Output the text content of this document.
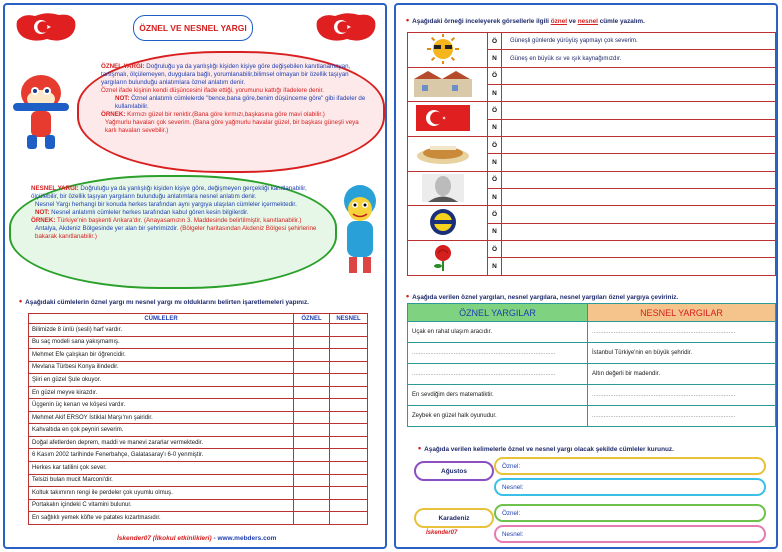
ÖZNEL VE NESNEL YARGI

ÖZNEL YARGI: Doğruluğu ya da yanlışlığı kişiden kişiye göre değişebilen kanıtlanamayan, tartışmalı, ölçülemeyen, duygulara bağlı, yorumlanabilir,bilimsel olmayan bir özellik taşıyan yargıların bulunduğu anlatımlara öznel anlatım denir.

Öznel ifade kişinin kendi düşüncesini ifade ettiği, yorumunu kattığı ifadelere denir.

NOT: Öznel anlatımlı cümlelerde "bence,bana göre,benim düşünceme göre" gibi ifadeler de kullanılabilir.

ÖRNEK: Kırmızı güzel bir renktir.(Bana göre kırmızı,başkasına göre mavi olabilir.)

Yağmurlu havaları çok severim. (Bana göre yağmurlu havalar güzel, bir başkası güneşli veya karlı havaları sevebilir.)

NESNEL YARGI: Doğruluğu ya da yanlışlığı kişiden kişiye göre, değişmeyen gerçekliği kanıtlanabilir, ölçülebilir, bir özellik taşıyan yargıların bulunduğu anlatımlara nesnel anlatım denir.

Nesnel Yargı herhangi bir konuda herkes tarafından aynı yargıya ulaşılan cümleler içermektedir.

NOT: Nesnel anlatımlı cümleler herkes tarafından kabul gören kesin bilgilerdir.

ÖRNEK: Türkiye'nin başkenti Ankara'dır. (Anayasamızın 3. Maddesinde belirtilmiştir, kanıtlanabilir.)

Antalya, Akdeniz Bölgesinde yer alan bir şehrimizdir. (Bölgeler haritasından Akdeniz Bölgesi şehirlerine bakarak kanıtlanabilir.)

• Aşağıdaki cümlelerin öznel yargı mı nesnel yargı mı olduklarını belirten işaretlemeleri yapınız.
CÜMLELER	ÖZNEL	NESNEL
Bilimizde 8 ünlü (sesli) harf vardır.		
Bu saç modeli sana yakışmamış.		
Mehmet Efe çalışkan bir öğrencidir.		
Mevlana Türbesi Konya ilindedir.		
Şiiri en güzel Şule okuyor.		
En güzel meyve kirazdır.		
Üçgenin üç kenarı ve köşesi vardır.		
Mehmet Akif ERSOY İstiklal Marşı'nın şairidir.		
Kahvaltıda en çok peyniri severim.		
Doğal afetlerden deprem, maddi ve manevi zararlar vermektedir.		
6 Kasım 2002 tarihinde Fenerbahçe, Galatasaray'ı 6-0 yenmiştir.		
Herkes kar tatilini çok sever.		
Telsizi bulan mucit Marconi'dir.		
Koltuk takımının rengi ile perdeler çok uyumlu olmuş.		
Portakalın içindeki C vitamini bulunur.		
En sağlıklı yemek köfte ve patates kızartmasıdır.		
İskender07 (İlkokul etkinlikleri) - www.mebders.com
• Aşağıdaki örneği inceleyerek görsellerle ilgili öznel ve nesnel cümle yazalım.
	Ö	Güneşli günlerde yürüyüş yapmayı çok severim.
	N	Güneş en büyük ısı ve ışık kaynağımızdır.
	Ö	
	N	
	Ö	
	N	
	Ö	
	N	
	Ö	
	N	
	Ö	
	N	
	Ö	
	N	
• Aşağıda verilen öznel yargıları, nesnel yargılara, nesnel yargıları öznel yargıya çeviriniz.
ÖZNEL YARGILAR	NESNEL YARGILAR
Uçak en rahat ulaşım aracıdır.	......................................................................................
......................................................................................	İstanbul Türkiye'nin en büyük şehridir.
......................................................................................	Altın değerli bir madendir.
En sevdiğim ders matematiktir.	......................................................................................
Zeybek en güzel halk oyunudur.	......................................................................................
• Aşağıda verilen kelimelerle öznel ve nesnel yargı olacak şekilde cümleler kurunuz.
Ağustos
Öznel:
Nesnel:
Karadeniz
Öznel:
Nesnel:
İskender07
